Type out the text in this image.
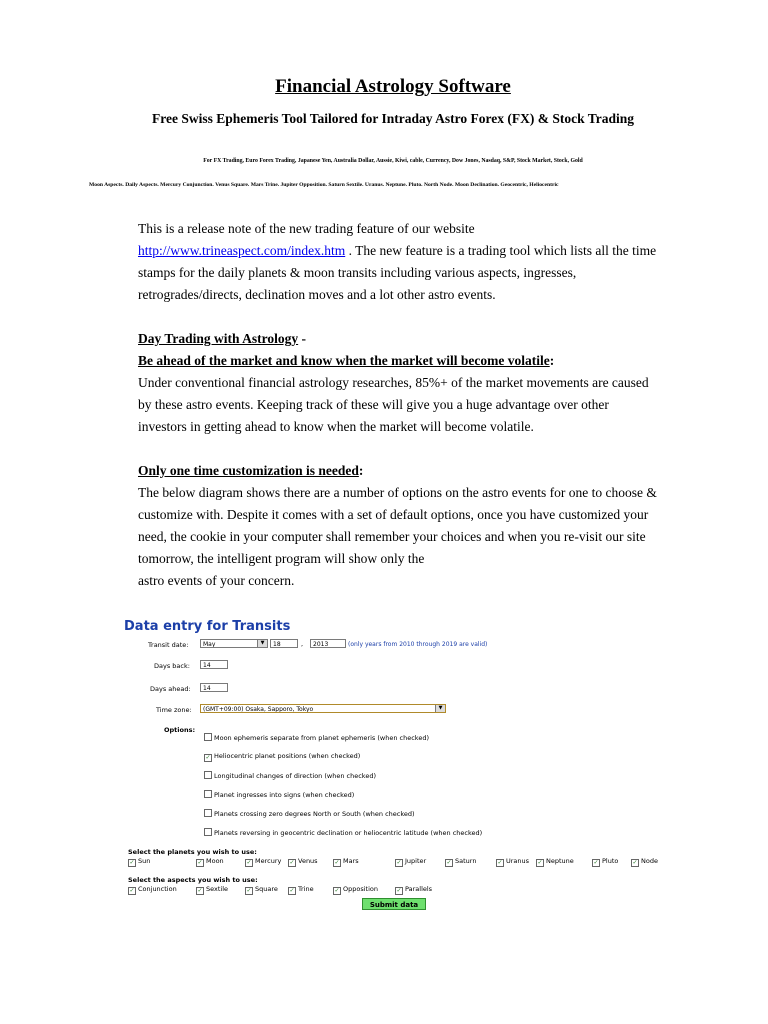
Financial Astrology Software
Free Swiss Ephemeris Tool Tailored for Intraday Astro Forex (FX) & Stock Trading
For FX Trading, Euro Forex Trading, Japanese Yen, Australia Dollar, Aussie, Kiwi, cable, Currency, Dow Jones, Nasdaq, S&P, Stock Market, Stock, Gold
Moon Aspects. Daily Aspects. Mercury Conjunction. Venus Square. Mars Trine. Jupiter Opposition. Saturn Sextile. Uranus. Neptune. Pluto. North Node. Moon Declination. Geocentric, Heliocentric

This is a release note of the new trading feature of our website
http://www.trineaspect.com/index.htm . The new feature is a trading tool which lists all the time stamps for the daily planets & moon transits including various aspects, ingresses, retrogrades/directs, declination moves and a lot other astro events.

Day Trading with Astrology -

Be ahead of the market and know when the market will become volatile:

Under conventional financial astrology researches, 85%+ of the market movements are caused by these astro events. Keeping track of these will give you a huge advantage over other investors in getting ahead to know when the market will become volatile.

Only one time customization is needed:

The below diagram shows there are a number of options on the astro events for one to choose & customize with. Despite it comes with a set of default options, once you have customized your need, the cookie in your computer shall remember your choices and when you re-visit our site tomorrow, the intelligent program will show only the
astro events of your concern.

Data entry for Transits
Transit date:	May	▼	18	,	2013	(only years from 2010 through 2019 are valid)
Days back:	14
Days ahead:	14
Time zone:	(GMT+09:00) Osaka, Sapporo, Tokyo	▼
Options:
Moon ephemeris separate from planet ephemeris (when checked)
✓ Heliocentric planet positions (when checked)
Longitudinal changes of direction (when checked)
Planet ingresses into signs (when checked)
Planets crossing zero degrees North or South (when checked)
Planets reversing in geocentric declination or heliocentric latitude (when checked)
Select the planets you wish to use:
✓ Sun	✓ Moon	✓ Mercury ✓ Venus	✓ Mars	✓ Jupiter	✓ Saturn	✓ Uranus ✓ Neptune	✓ Pluto ✓ Node
Select the aspects you wish to use:
✓ Conjunction	✓ Sextile	✓ Square ✓ Trine	✓ Opposition	✓ Parallels
Submit data
